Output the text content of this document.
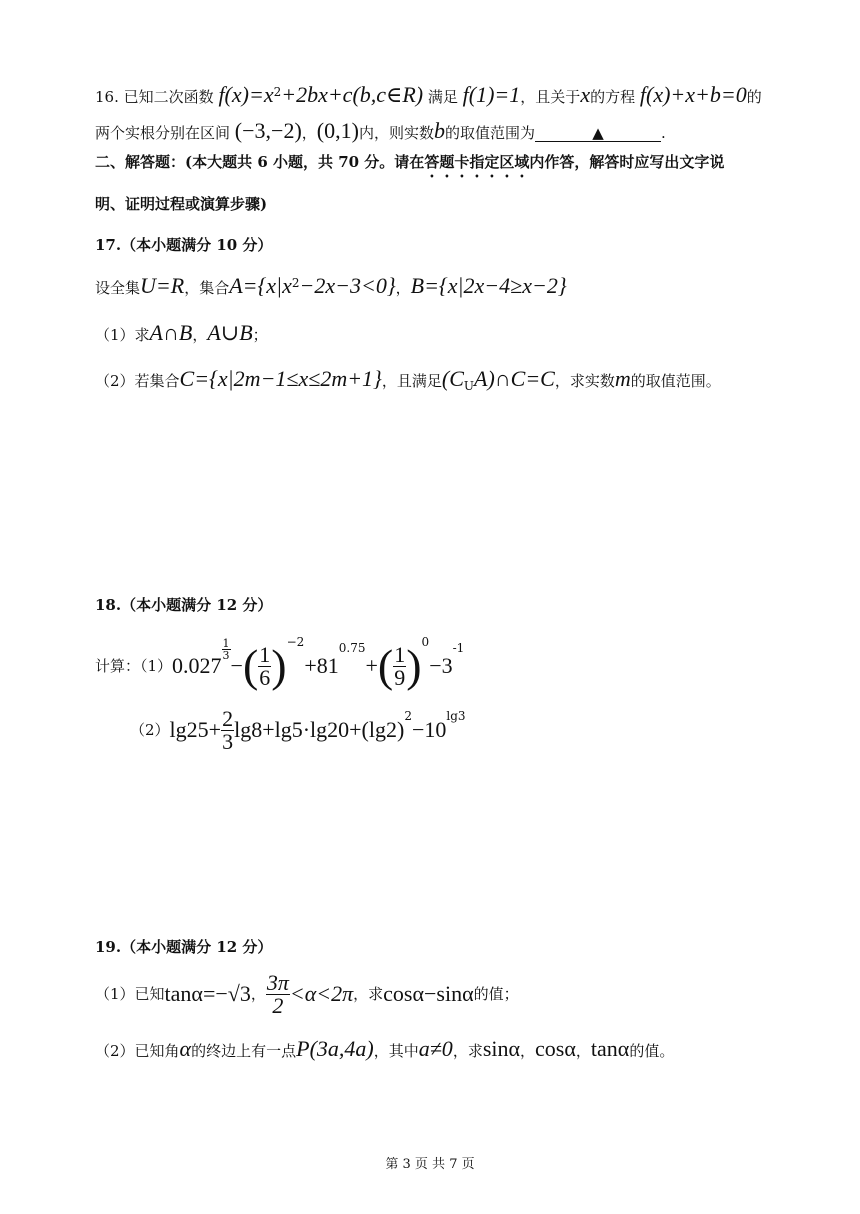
16. 已知二次函数 $f(x)=x^2+2bx+c(b,c\in R)$ 满足 f(1)=1，且关于x的方程 f(x)+x+b=0的
两个实根分别在区间 (−3,−2)，(0,1)内，则实数b的取值范围为	▲	.
二、解答题：(本大题共 6 小题，共 70 分。请在答题卡指定区域内作答，解答时应写出文字说
明、证明过程或演算步骤)
17.（本小题满分 10 分）
设全集U=R，集合$A=\{x|x^2-2x-3<0\}$，B={x|2x−4≥x−2}
（1）求A∩B，A∪B；
（2）若集合C={x|2m−1≤x≤2m+1}，且满足$(C_UA)\cap C=C$，求实数m的取值范围。
18.（本小题满分 12 分）
计算：（1） 0.027
$\frac{1}{3}$
− ( $\frac{1}{6}$ ) −2
+81
0.75
+ ( $\frac{1}{9}$ ) 0
−3
-1
（2） $\lg 25+ \frac{2}{3} \lg 8+\lg 5\cdot\lg 20+(\lg 2)$
2
−10
lg3
19.（本小题满分 12 分）
（1）已知 tanα=−√3 ， $\frac{3\pi}{2} <\alpha<2\pi$ ，求 cosα−sinα 的值；
（2）已知角α的终边上有一点P(3a,4a)，其中a≠0，求sinα，cosα，tanα的值。
第 3 页 共 7 页
